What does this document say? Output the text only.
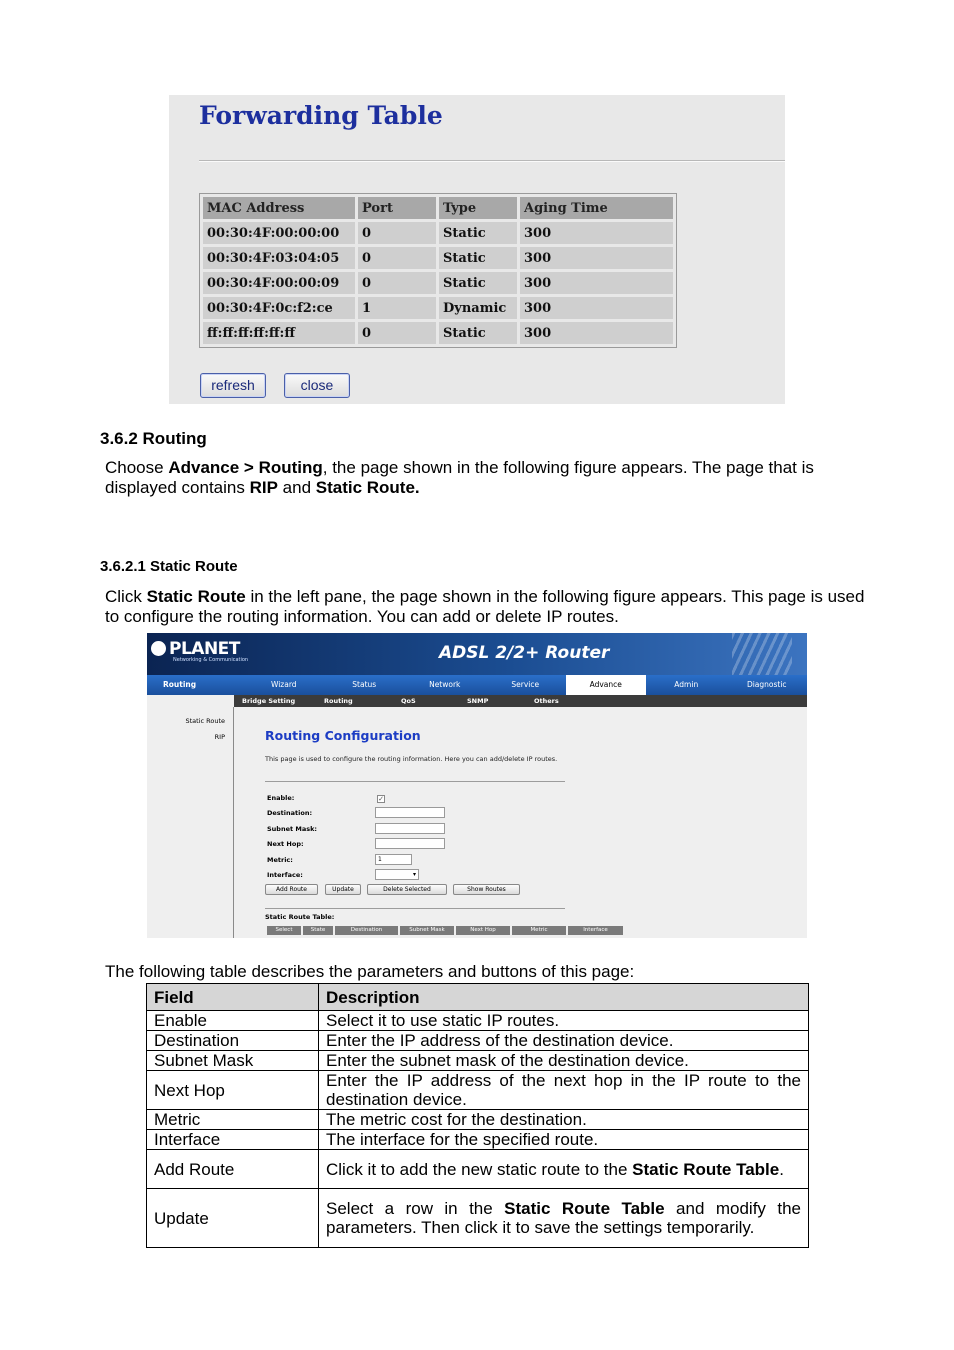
Forwarding Table
MAC Address	Port	Type	Aging Time
00:30:4F:00:00:00	0	Static	300
00:30:4F:03:04:05	0	Static	300
00:30:4F:00:00:09	0	Static	300
00:30:4F:0c:f2:ce	1	Dynamic	300
ff:ff:ff:ff:ff:ff	0	Static	300
refresh	close
3.6.2 Routing
Choose Advance > Routing, the page shown in the following figure appears. The page that is displayed contains RIP and Static Route.
3.6.2.1 Static Route
Click Static Route in the left pane, the page shown in the following figure appears. This page is used to configure the routing information. You can add or delete IP routes.
PLANET
Networking & Communication	ADSL 2/2+ Router
Routing	Wizard	Status	Network	Service	Advance	Admin	Diagnostic
Bridge Setting	Routing	QoS	SNMP	Others
Static Route
RIP	Routing Configuration
This page is used to configure the routing information. Here you can add/delete IP routes.
Enable:	✓
Destination:
Subnet Mask:
Next Hop:
Metric:	1
Interface:	▾
Add Route	Update	Delete Selected	Show Routes
Static Route Table:
Select	State	Destination	Subnet Mask	Next Hop	Metric	Interface
The following table describes the parameters and buttons of this page:
Field	Description
Enable	Select it to use static IP routes.
Destination	Enter the IP address of the destination device.
Subnet Mask	Enter the subnet mask of the destination device.
Next Hop	Enter the IP address of the next hop in the IP route to the destination device.
Metric	The metric cost for the destination.
Interface	The interface for the specified route.
Add Route	Click it to add the new static route to the Static Route Table.
Update	Select a row in the Static Route Table and modify the parameters. Then click it to save the settings temporarily.
